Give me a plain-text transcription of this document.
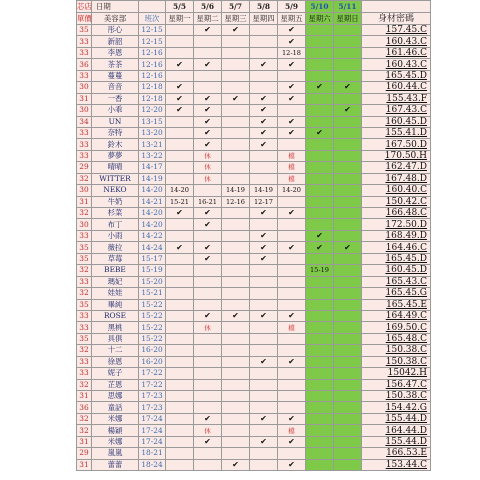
芯店	日期		5/5	5/6	5/7	5/8	5/9	5/10	5/11	
單價	美容部	班次	星期一	星期二	星期三	星期四	星期五	星期六	星期日	身材密碼
35	彤心	12-15		✔	✔		✔			157.45.C
33	新韶	12-15					✔			160.43.C
33	李恩	12-16					12-18			161.46.C
36	茶茶	12-16	✔	✔		✔	✔			160.43.C
33	蔓蔓	12-16								165.45.D
30	音音	12-18	✔				✔	✔	✔	160.44.C
31	一香	12-18	✔	✔	✔	✔	✔			155.43.F
30	小乖	12-20	✔	✔		✔			✔	167.43.C
34	UN	13-15		✔		✔	✔			160.45.D
33	奈特	13-20		✔		✔	✔	✔		155.41.D
33	鈴木	13-21		✔		✔				167.50.D
33	夢夢	13-22		休			檔			170.50.H
29	晴晴	14-17		休			檔			162.47.D
32	WITTER	14-19		休			檔			167.48.D
30	NEKO	14-20	14-20		14-19	14-19	14-20			160.40.C
31	牛奶	14-21	15-21	16-21	12-16	12-17				150.42.C
32	杉菜	14-20	✔	✔		✔	✔			166.48.C
30	布丁	14-20		✔						172.50.D
33	小雨	14-22				✔		✔		168.49.D
35	薇拉	14-24	✔	✔		✔	✔	✔	✔	164.46.C
35	草莓	15-17		✔		✔				165.45.D
32	BEBE	15-19						15-19		160.45.D
33	瑪妃	15-20								165.43.C
32	娃娃	15-21								165.45.G
35	畢純	15-22								165.45.E
33	ROSE	15-22		✔	✔	✔	✔			164.49.C
33	黑桃	15-22		休			檔			169.50.C
35	具俱	15-22								165.48.C
32	十二	16-20								150.38.C
33	徐恩	16-20				✔	✔			150.38.C
33	妮子	17-22								15042.H
32	芷恩	17-22								156.47.C
31	思娜	17-23								150.38.C
36	童話	17-23								154.42.G
32	米娜	17-24		✔		✔	✔			155.44.D
32	楊穎	17-24		休			檔			164.44.D
31	米娜	17-24		✔		✔	✔			155.44.D
29	嵐嵐	18-21								166.53.E
31	蕾蕾	18-24			✔		✔			153.44.C
